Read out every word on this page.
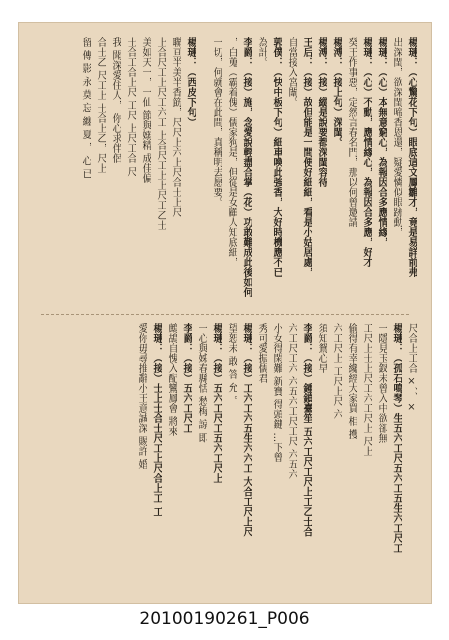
楊璉：（心驚花下句）眼底這文鳳雛才，竟是易詳前弗
出深閨，欲深閨啼香恩還，疑愛憐似眼跡動，
楊璉：（心）本無意窮心，為報因合多應情緣，
楊璉：（心）不動，應情緣心，為報因合多應，好才
癸王作事惡，定然言春名門，那以何曾邀請
楊溥：（接上句）深閨。
楊溥：（接）縱是說要都深閨容待
王后：（接）故但能是一間便好細細，看是小姑居處，
自當接入宮闈。
郭僕：（快中板下句）細車喚此強香，大好時機應不已
為計。
李爵：（接）施，念愛說輕盡合掌（花）功敢難成此後如何
，白蒐（霸着傀）儒家狗是，但從是女顧人知底細，
一切，何就會在此間，真稱明去愿要。
楊璉：（西皮下句）
聯亘半美半香筯，尺尺上六上尺合士上尺
上合尺工上尺工六工 上合尺工上上尺工乙士
美如天一，一仙 節與嫋精 成佳偏
士合工合上尺 工尺 上尺工合 尺
我 聞深愛住人， 你心求伴侶
合士乙 尺工上 士合上乙，尺上
留 傳 影 永 莫 忘 纏 夏 ， 心 已
尺合上工合 ×、、×
楊璉：（孤石鳴琴）生五六工尺五六工五生六工尺工
一隱見玉釵未曾入中欲卻無
工尺上士上尺工六工尺上 尺上
偷得有幸纔經大家買 相 擭
六工尺上 工尺上尺 六
須知鴛心早
李爵：（接）鍾鎖臺笙 五六工尺工尺上工乙士合
六工尺工六 六五六工尺工尺 六五六
小女得閑難 新寶 得頭鍵 ...下曾
秀可愛振儒君
楊璉：（接）工六工六五生六六工 大合工尺上尺
望恕未 敢 答 允 。
楊璉：（接）五六工尺工五六工尺上
一心與姊春縣恬 愁梅 諒 即
李爵：（接）五六工尺工
鷓鴣自愧入配鸞鳳會 將來
楊璉：（接）士上士合士尺工上尺合上工 工
愛你毋尋推辭小王意誠深 賜許 婚
20100190261_P006
